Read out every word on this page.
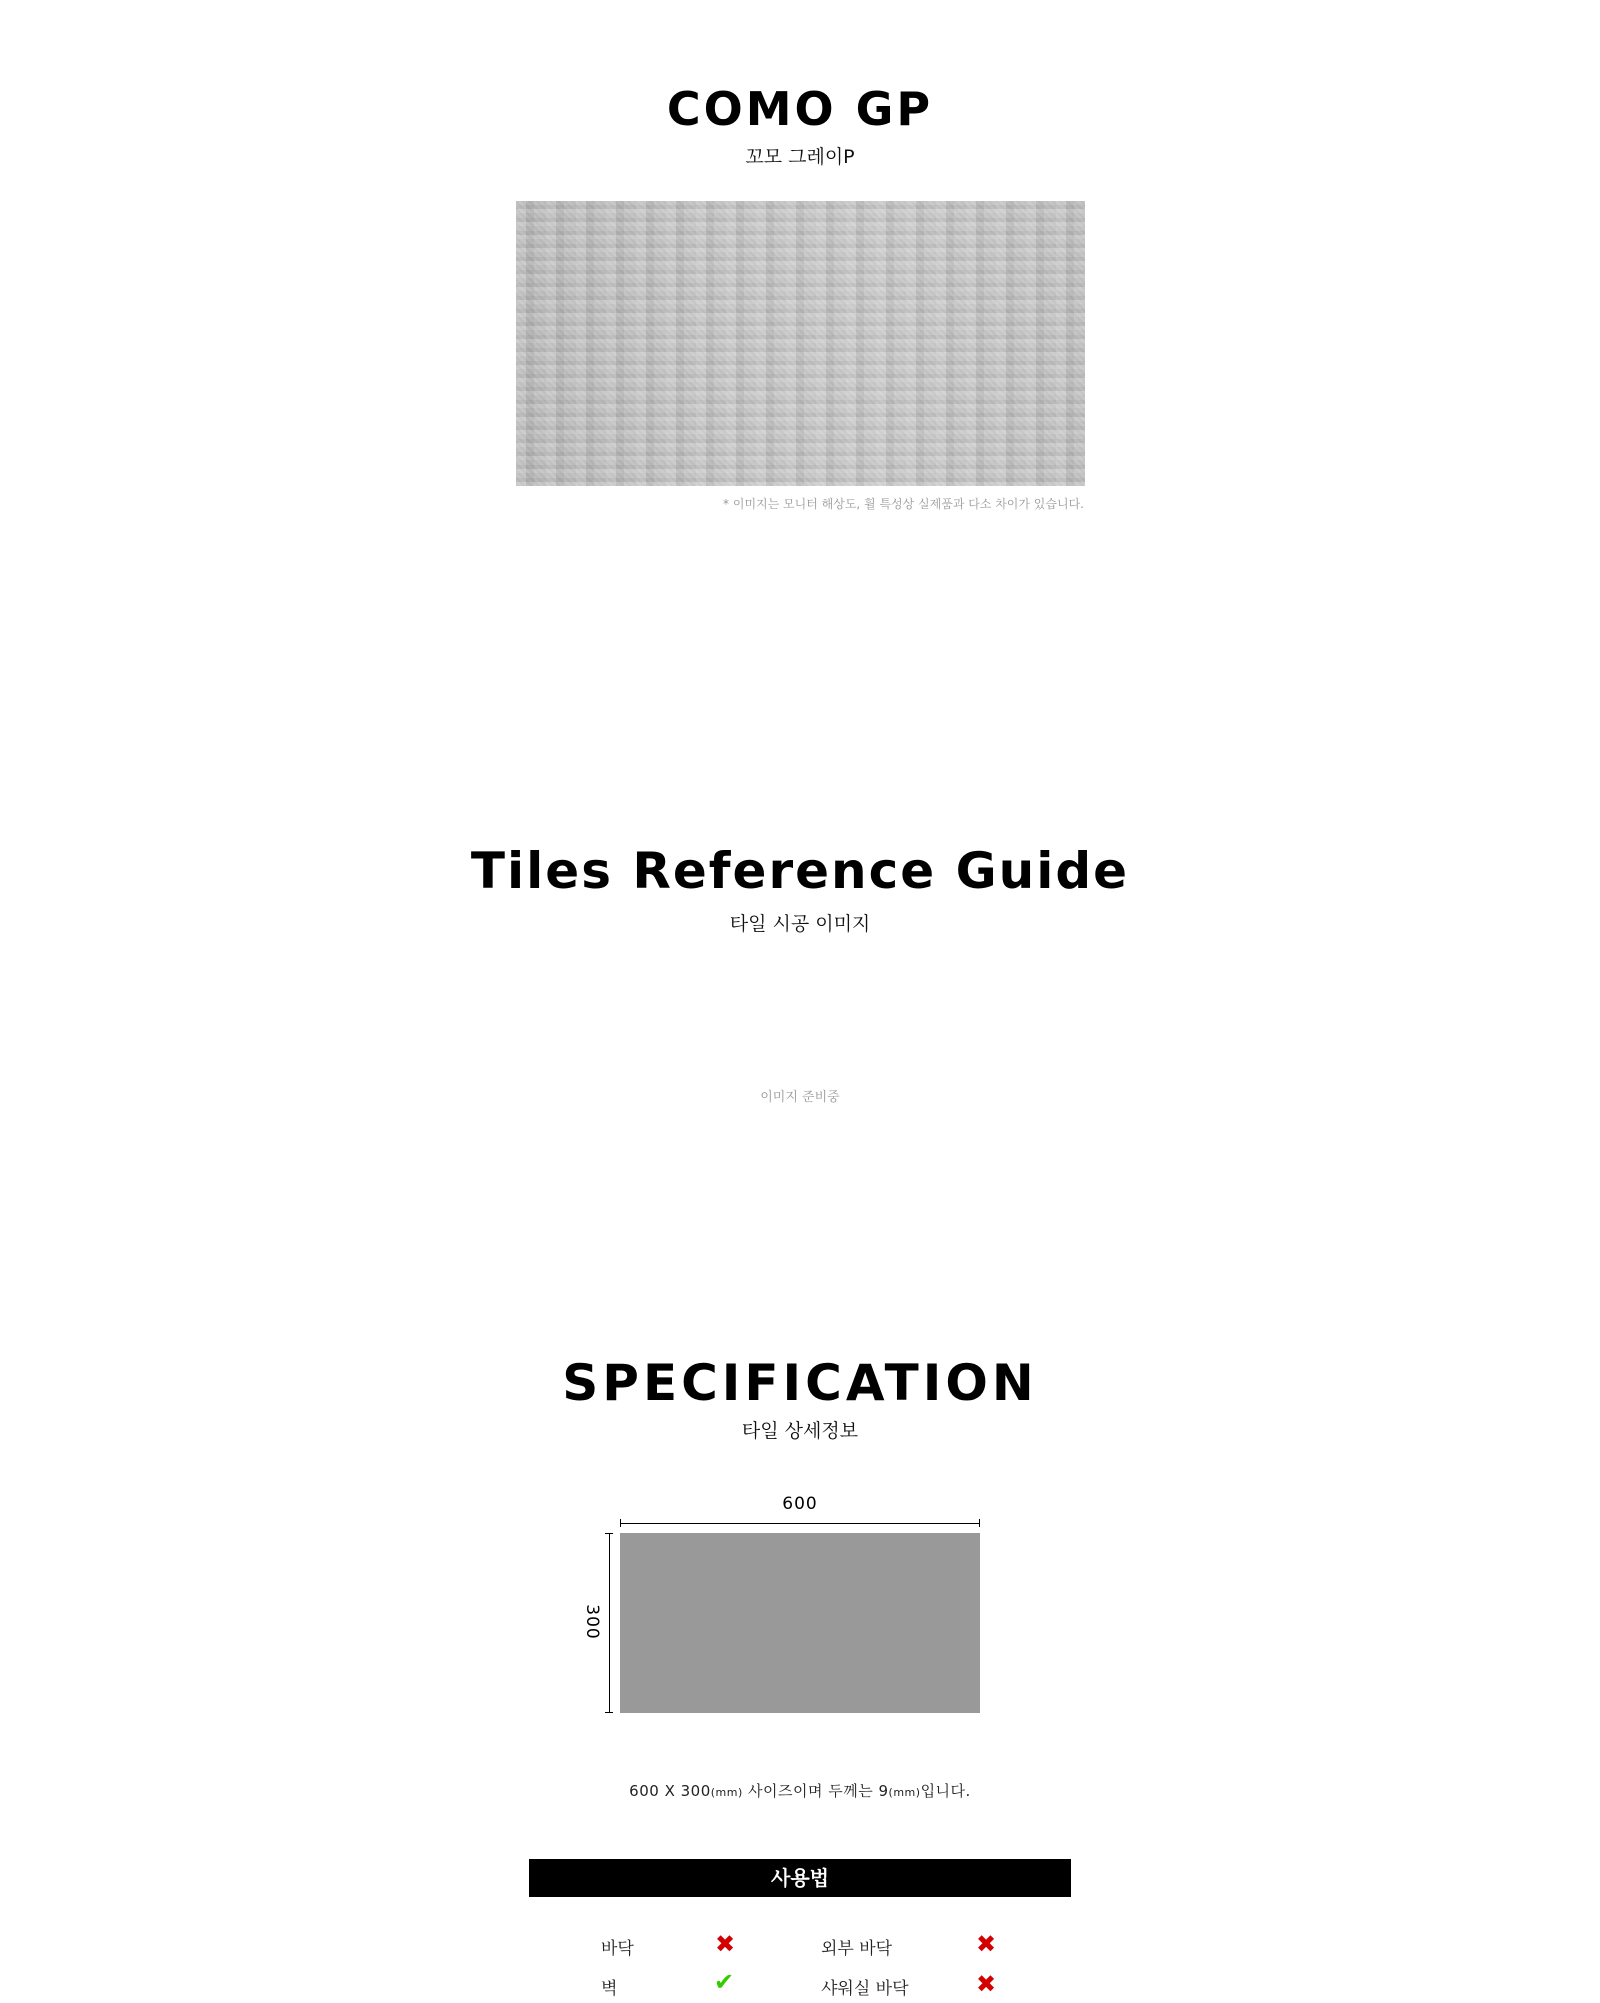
COMO GP
꼬모 그레이P
* 이미지는 모니터 해상도, 휠 특성상 실제품과 다소 차이가 있습니다.
Tiles Reference Guide
타일 시공 이미지
이미지 준비중
SPECIFICATION
타일 상세정보
600
300
600 X 300(mm) 사이즈이며 두께는 9(mm)입니다.
사용법
바닥	✖	외부 바닥	✖
벽	✔	샤워실 바닥	✖
